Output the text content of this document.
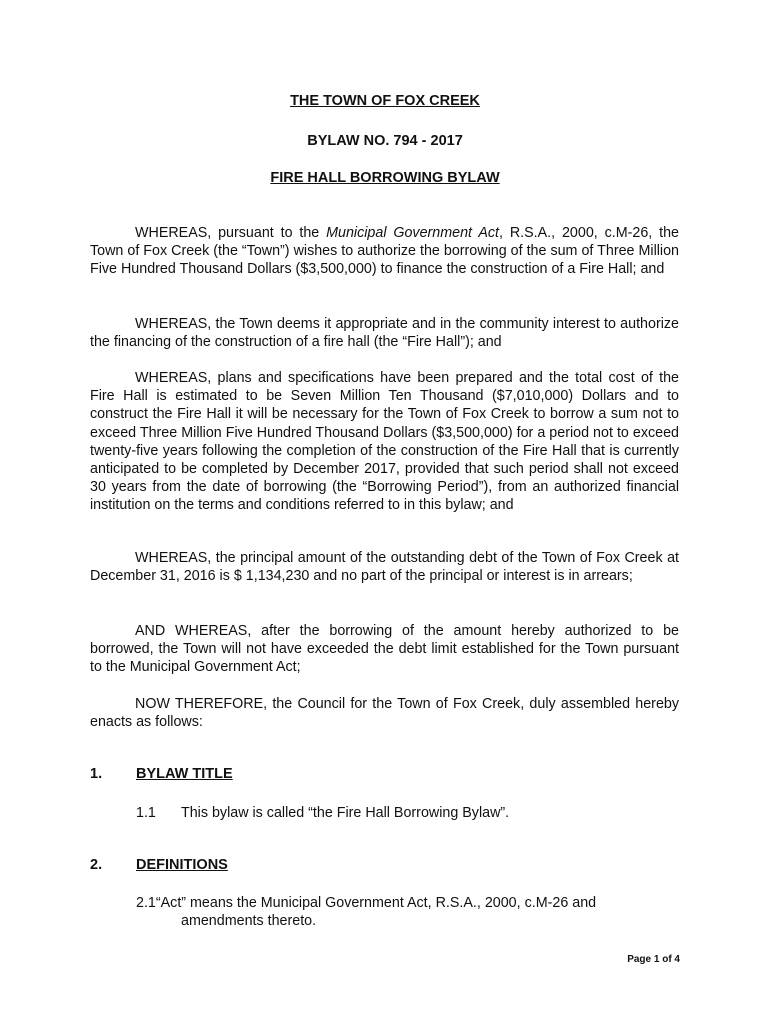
THE TOWN OF FOX CREEK
BYLAW NO. 794 - 2017
FIRE HALL BORROWING BYLAW

WHEREAS, pursuant to the Municipal Government Act, R.S.A., 2000, c.M-26, the Town of Fox Creek (the “Town”) wishes to authorize the borrowing of the sum of Three Million Five Hundred Thousand Dollars ($3,500,000) to finance the construction of a Fire Hall; and

WHEREAS, the Town deems it appropriate and in the community interest to authorize the financing of the construction of a fire hall (the “Fire Hall”); and

WHEREAS, plans and specifications have been prepared and the total cost of the Fire Hall is estimated to be Seven Million Ten Thousand ($7,010,000) Dollars and to construct the Fire Hall it will be necessary for the Town of Fox Creek to borrow a sum not to exceed Three Million Five Hundred Thousand Dollars ($3,500,000) for a period not to exceed twenty-five years following the completion of the construction of the Fire Hall that is currently anticipated to be completed by December 2017, provided that such period shall not exceed 30 years from the date of borrowing (the “Borrowing Period”), from an authorized financial institution on the terms and conditions referred to in this bylaw; and

WHEREAS, the principal amount of the outstanding debt of the Town of Fox Creek at December 31, 2016 is $ 1,134,230 and no part of the principal or interest is in arrears;

AND WHEREAS, after the borrowing of the amount hereby authorized to be borrowed, the Town will not have exceeded the debt limit established for the Town pursuant to the Municipal Government Act;

NOW THEREFORE, the Council for the Town of Fox Creek, duly assembled hereby enacts as follows:

1. BYLAW TITLE
1.1 This bylaw is called “the Fire Hall Borrowing Bylaw”.
2. DEFINITIONS

2.1“Act” means the Municipal Government Act, R.S.A., 2000, c.M-26 and
amendments thereto.

Page 1 of 4
